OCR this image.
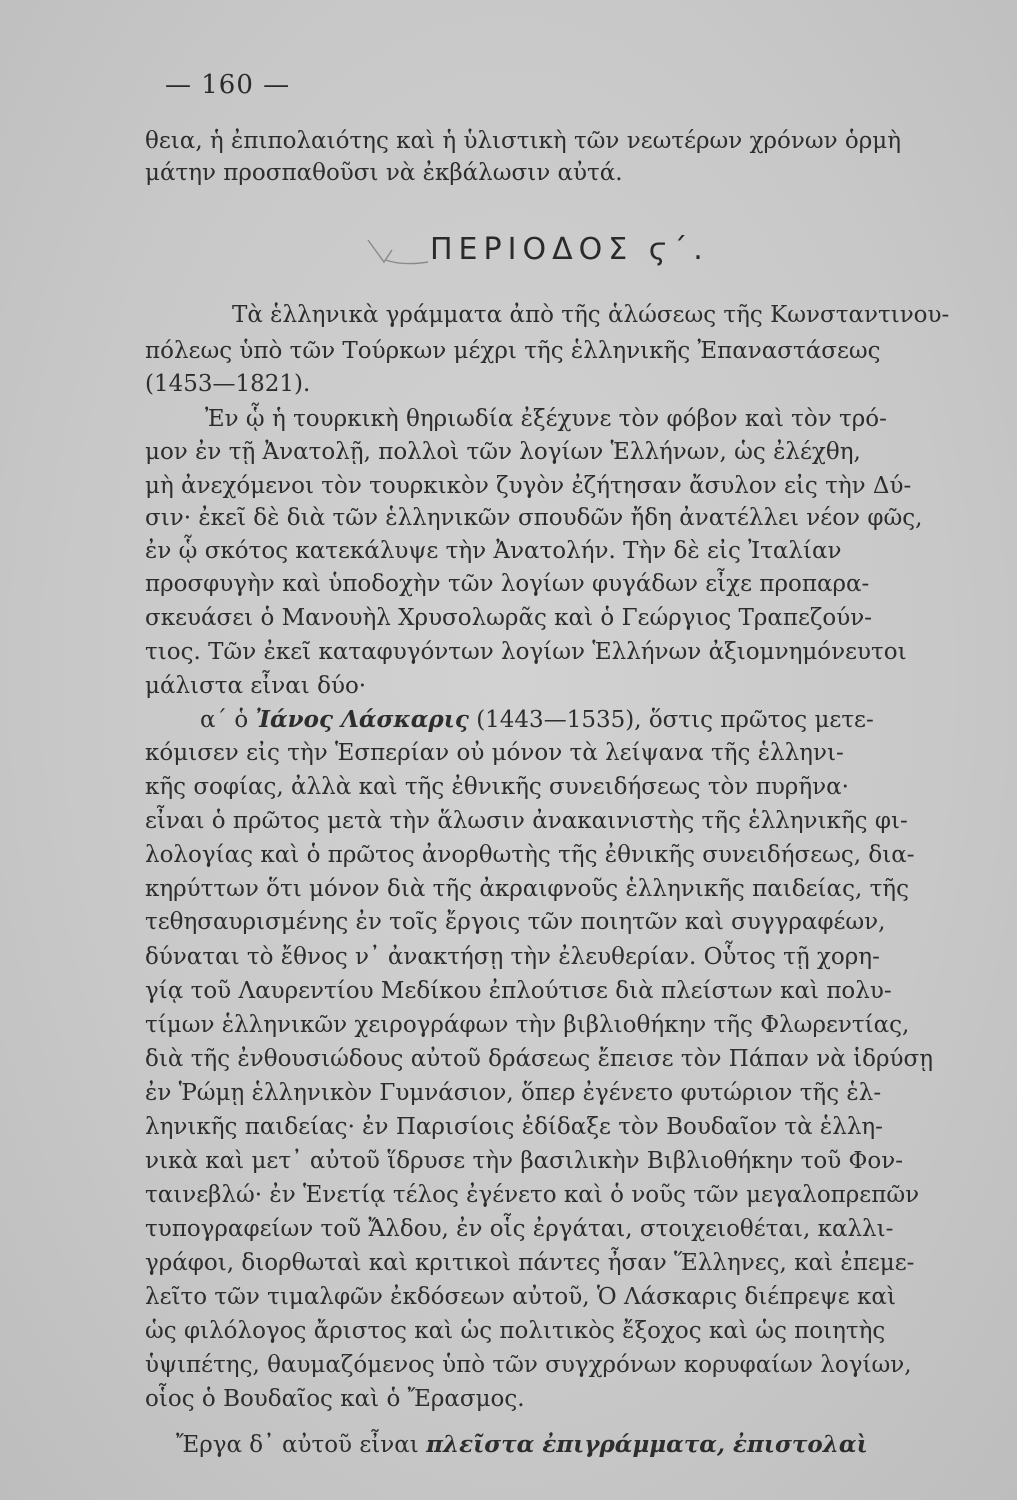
— 160 —
θεια, ἡ ἐπιπολαιότης καὶ ἡ ὑλιστικὴ τῶν νεωτέρων χρόνων ὁρμὴ
μάτην προσπαθοῦσι νὰ ἐκβάλωσιν αὐτά.
ΠΕΡΙΟΔΟΣ ϛ΄.
Τὰ ἑλληνικὰ γράμματα ἀπὸ τῆς ἁλώσεως τῆς Κωνσταντινου-
πόλεως ὑπὸ τῶν Τούρκων μέχρι τῆς ἑλληνικῆς Ἐπαναστάσεως
(1453—1821).
Ἐν ᾧ ἡ τουρκικὴ θηριωδία ἐξέχυνε τὸν φόβον καὶ τὸν τρό-
μον ἐν τῇ Ἀνατολῇ, πολλοὶ τῶν λογίων Ἑλλήνων, ὡς ἐλέχθη,
μὴ ἀνεχόμενοι τὸν τουρκικὸν ζυγὸν ἐζήτησαν ἄσυλον εἰς τὴν Δύ-
σιν· ἐκεῖ δὲ διὰ τῶν ἑλληνικῶν σπουδῶν ἤδη ἀνατέλλει νέον φῶς,
ἐν ᾧ σκότος κατεκάλυψε τὴν Ἀνατολήν. Τὴν δὲ εἰς Ἰταλίαν
προσφυγὴν καὶ ὑποδοχὴν τῶν λογίων φυγάδων εἶχε προπαρα-
σκευάσει ὁ Μανουὴλ Χρυσολωρᾶς καὶ ὁ Γεώργιος Τραπεζούν-
τιος. Τῶν ἐκεῖ καταφυγόντων λογίων Ἑλλήνων ἀξιομνημόνευτοι
μάλιστα εἶναι δύο·
α΄ ὁ Ἰάνος Λάσκαρις (1443—1535), ὅστις πρῶτος μετε-
κόμισεν εἰς τὴν Ἑσπερίαν οὐ μόνον τὰ λείψανα τῆς ἑλληνι-
κῆς σοφίας, ἀλλὰ καὶ τῆς ἐθνικῆς συνειδήσεως τὸν πυρῆνα·
εἶναι ὁ πρῶτος μετὰ τὴν ἅλωσιν ἀνακαινιστὴς τῆς ἑλληνικῆς φι-
λολογίας καὶ ὁ πρῶτος ἀνορθωτὴς τῆς ἐθνικῆς συνειδήσεως, δια-
κηρύττων ὅτι μόνον διὰ τῆς ἀκραιφνοῦς ἑλληνικῆς παιδείας, τῆς
τεθησαυρισμένης ἐν τοῖς ἔργοις τῶν ποιητῶν καὶ συγγραφέων,
δύναται τὸ ἔθνος ν᾽ ἀνακτήσῃ τὴν ἐλευθερίαν. Οὗτος τῇ χορη-
γίᾳ τοῦ Λαυρεντίου Μεδίκου ἐπλούτισε διὰ πλείστων καὶ πολυ-
τίμων ἑλληνικῶν χειρογράφων τὴν βιβλιοθήκην τῆς Φλωρεντίας,
διὰ τῆς ἐνθουσιώδους αὐτοῦ δράσεως ἔπεισε τὸν Πάπαν νὰ ἱδρύσῃ
ἐν Ῥώμῃ ἑλληνικὸν Γυμνάσιον, ὅπερ ἐγένετο φυτώριον τῆς ἑλ-
ληνικῆς παιδείας· ἐν Παρισίοις ἐδίδαξε τὸν Βουδαῖον τὰ ἑλλη-
νικὰ καὶ μετ᾽ αὐτοῦ ἵδρυσε τὴν βασιλικὴν Βιβλιοθήκην τοῦ Φον-
ταινεβλώ· ἐν Ἑνετίᾳ τέλος ἐγένετο καὶ ὁ νοῦς τῶν μεγαλοπρεπῶν
τυπογραφείων τοῦ Ἄλδου, ἐν οἷς ἐργάται, στοιχειοθέται, καλλι-
γράφοι, διορθωταὶ καὶ κριτικοὶ πάντες ἦσαν Ἕλληνες, καὶ ἐπεμε-
λεῖτο τῶν τιμαλφῶν ἐκδόσεων αὐτοῦ, Ὁ Λάσκαρις διέπρεψε καὶ
ὡς φιλόλογος ἄριστος καὶ ὡς πολιτικὸς ἔξοχος καὶ ὡς ποιητὴς
ὑψιπέτης, θαυμαζόμενος ὑπὸ τῶν συγχρόνων κορυφαίων λογίων,
οἷος ὁ Βουδαῖος καὶ ὁ Ἔρασμος.
Ἔργα δ᾽ αὐτοῦ εἶναι πλεῖστα ἐπιγράμματα, ἐπιστολαὶ
